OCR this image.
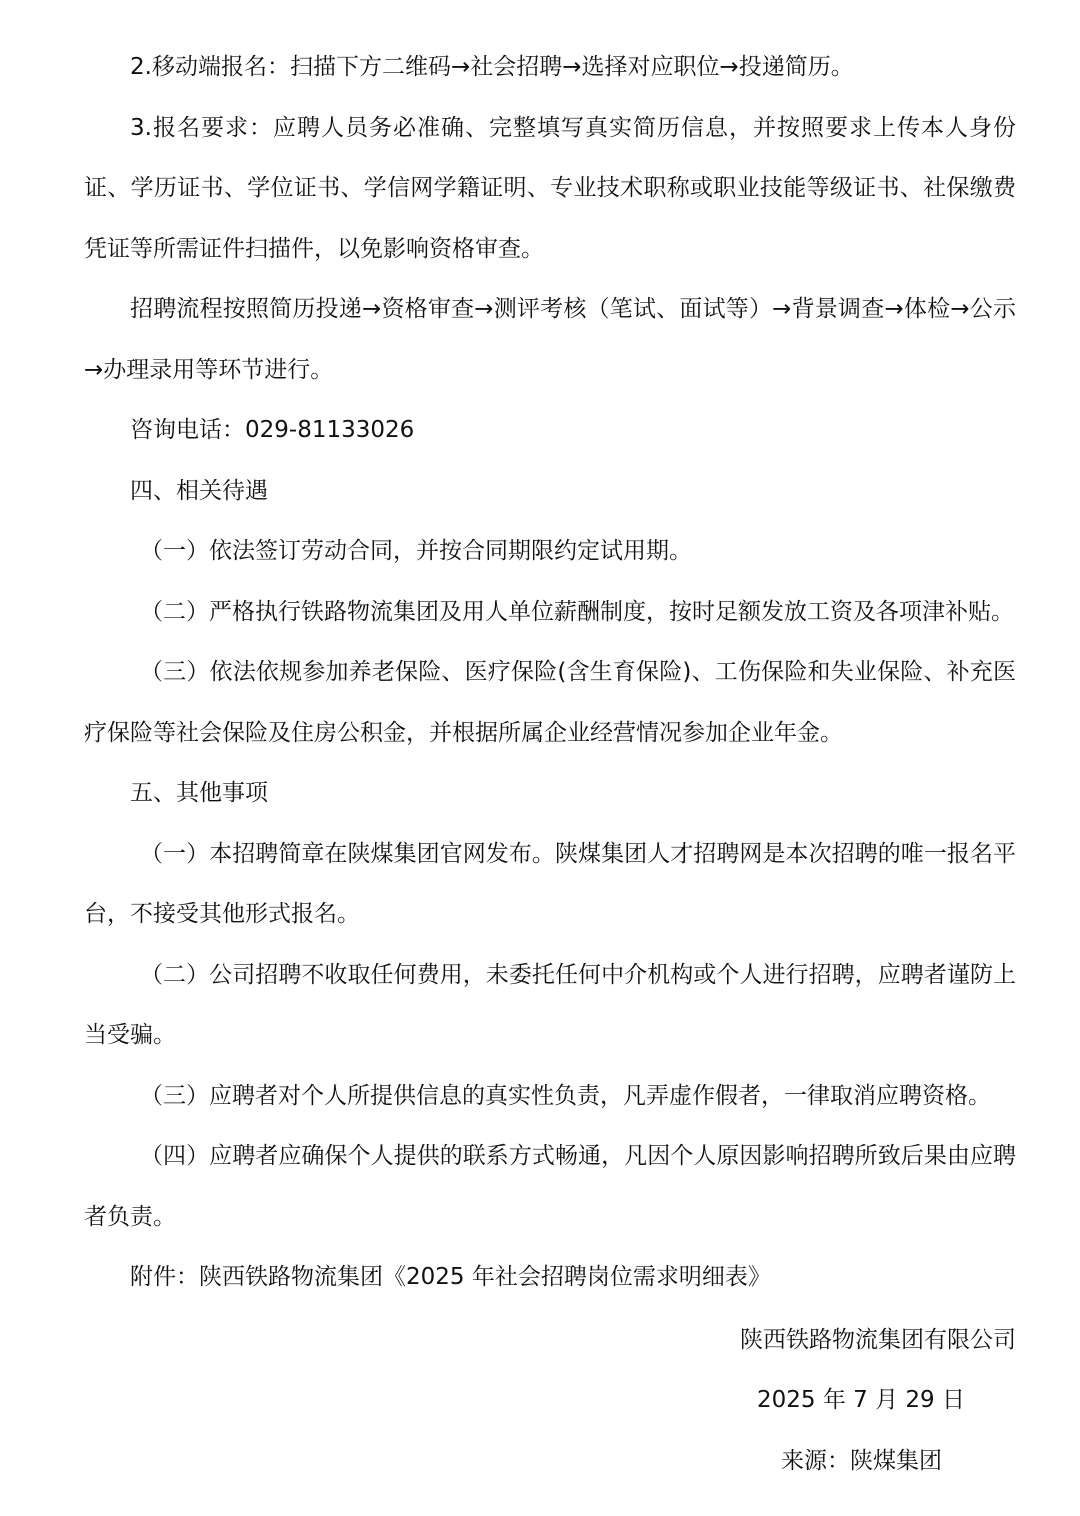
2.移动端报名：扫描下方二维码→社会招聘→选择对应职位→投递简历。

3.报名要求：应聘人员务必准确、完整填写真实简历信息，并按照要求上传本人身份证、学历证书、学位证书、学信网学籍证明、专业技术职称或职业技能等级证书、社保缴费凭证等所需证件扫描件，以免影响资格审查。

招聘流程按照简历投递→资格审查→测评考核（笔试、面试等）→背景调查→体检→公示→办理录用等环节进行。

咨询电话：029-81133026

四、相关待遇

（一）依法签订劳动合同，并按合同期限约定试用期。

（二）严格执行铁路物流集团及用人单位薪酬制度，按时足额发放工资及各项津补贴。

（三）依法依规参加养老保险、医疗保险(含生育保险)、工伤保险和失业保险、补充医疗保险等社会保险及住房公积金，并根据所属企业经营情况参加企业年金。

五、其他事项

（一）本招聘简章在陕煤集团官网发布。陕煤集团人才招聘网是本次招聘的唯一报名平台，不接受其他形式报名。

（二）公司招聘不收取任何费用，未委托任何中介机构或个人进行招聘，应聘者谨防上当受骗。

（三）应聘者对个人所提供信息的真实性负责，凡弄虚作假者，一律取消应聘资格。

（四）应聘者应确保个人提供的联系方式畅通，凡因个人原因影响招聘所致后果由应聘者负责。

附件：陕西铁路物流集团《2025 年社会招聘岗位需求明细表》

陕西铁路物流集团有限公司

2025 年 7 月 29 日

来源：陕煤集团
